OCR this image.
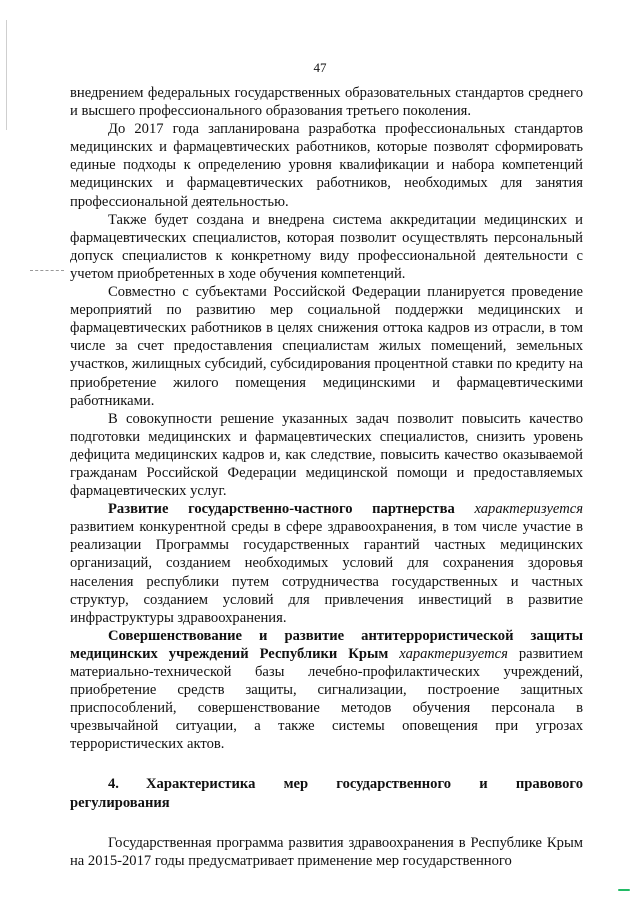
47

внедрением федеральных государственных образовательных стандартов среднего и высшего профессионального образования третьего поколения.

До 2017 года запланирована разработка профессиональных стандартов медицинских и фармацевтических работников, которые позволят сформировать единые подходы к определению уровня квалификации и набора компетенций медицинских и фармацевтических работников, необходимых для занятия профессиональной деятельностью.

Также будет создана и внедрена система аккредитации медицинских и фармацевтических специалистов, которая позволит осуществлять персональный допуск специалистов к конкретному виду профессиональной деятельности с учетом приобретенных в ходе обучения компетенций.

Совместно с субъектами Российской Федерации планируется проведение мероприятий по развитию мер социальной поддержки медицинских и фармацевтических работников в целях снижения оттока кадров из отрасли, в том числе за счет предоставления специалистам жилых помещений, земельных участков, жилищных субсидий, субсидирования процентной ставки по кредиту на приобретение жилого помещения медицинскими и фармацевтическими работниками.

В совокупности решение указанных задач позволит повысить качество подготовки медицинских и фармацевтических специалистов, снизить уровень дефицита медицинских кадров и, как следствие, повысить качество оказываемой гражданам Российской Федерации медицинской помощи и предоставляемых фармацевтических услуг.

Развитие государственно-частного партнерства характеризуется развитием конкурентной среды в сфере здравоохранения, в том числе участие в реализации Программы государственных гарантий частных медицинских организаций, созданием необходимых условий для сохранения здоровья населения республики путем сотрудничества государственных и частных структур, созданием условий для привлечения инвестиций в развитие инфраструктуры здравоохранения.

Совершенствование и развитие антитеррористической защиты медицинских учреждений Республики Крым характеризуется развитием материально-технической базы лечебно-профилактических учреждений, приобретение средств защиты, сигнализации, построение защитных приспособлений, совершенствование методов обучения персонала в чрезвычайной ситуации, а также системы оповещения при угрозах террористических актов.

4. Характеристика мер государственного и правового регулирования

Государственная программа развития здравоохранения в Республике Крым на 2015-2017 годы предусматривает применение мер государственного
